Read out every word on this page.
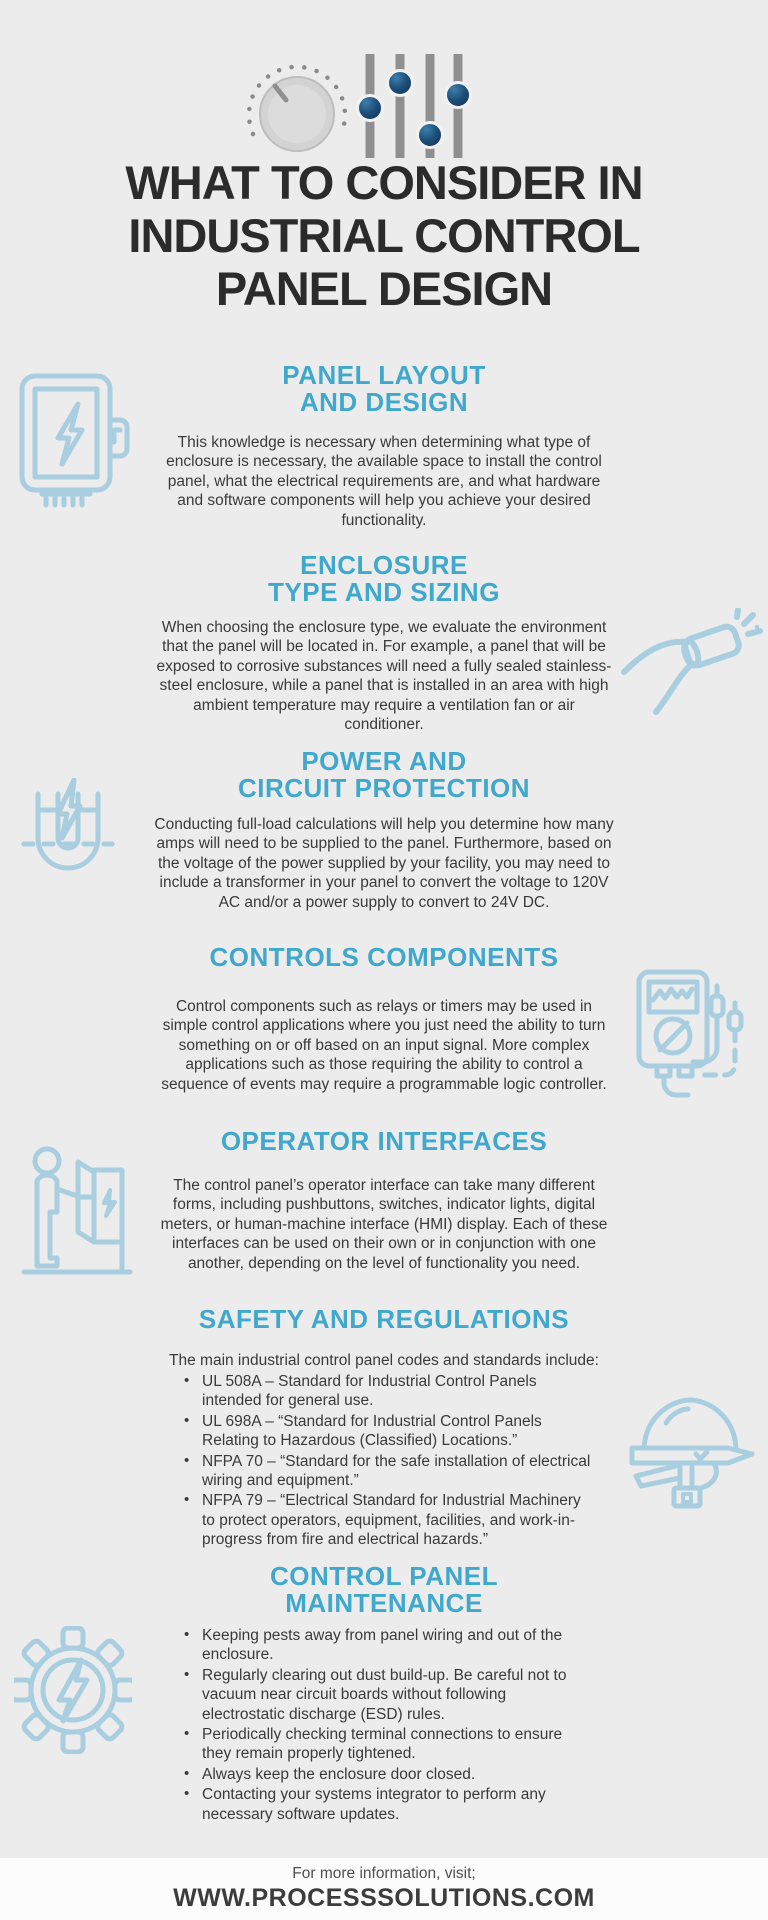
WHAT TO CONSIDER IN
INDUSTRIAL CONTROL
PANEL DESIGN
PANEL LAYOUT
AND DESIGN

This knowledge is necessary when determining what type of enclosure is necessary, the available space to install the control panel, what the electrical requirements are, and what hardware and software components will help you achieve your desired functionality.

ENCLOSURE
TYPE AND SIZING

When choosing the enclosure type, we evaluate the environment that the panel will be located in. For example, a panel that will be exposed to corrosive substances will need a fully sealed stainless-steel enclosure, while a panel that is installed in an area with high ambient temperature may require a ventilation fan or air conditioner.

POWER AND
CIRCUIT PROTECTION

Conducting full-load calculations will help you determine how many amps will need to be supplied to the panel. Furthermore, based on the voltage of the power supplied by your facility, you may need to include a transformer in your panel to convert the voltage to 120V AC and/or a power supply to convert to 24V DC.

CONTROLS COMPONENTS

Control components such as relays or timers may be used in simple control applications where you just need the ability to turn something on or off based on an input signal. More complex applications such as those requiring the ability to control a sequence of events may require a programmable logic controller.

OPERATOR INTERFACES

The control panel’s operator interface can take many different forms, including pushbuttons, switches, indicator lights, digital meters, or human-machine interface (HMI) display. Each of these interfaces can be used on their own or in conjunction with one another, depending on the level of functionality you need.

SAFETY AND REGULATIONS

The main industrial control panel codes and standards include:

• UL 508A – Standard for Industrial Control Panels intended for general use.
• UL 698A – “Standard for Industrial Control Panels Relating to Hazardous (Classified) Locations.”
• NFPA 70 – “Standard for the safe installation of electrical wiring and equipment.”
• NFPA 79 – “Electrical Standard for Industrial Machinery to protect operators, equipment, facilities, and work-in-progress from fire and electrical hazards.”
CONTROL PANEL
MAINTENANCE
• Keeping pests away from panel wiring and out of the enclosure.
• Regularly clearing out dust build-up. Be careful not to vacuum near circuit boards without following electrostatic discharge (ESD) rules.
• Periodically checking terminal connections to ensure they remain properly tightened.
• Always keep the enclosure door closed.
• Contacting your systems integrator to perform any necessary software updates.

For more information, visit;

WWW.PROCESSSOLUTIONS.COM
